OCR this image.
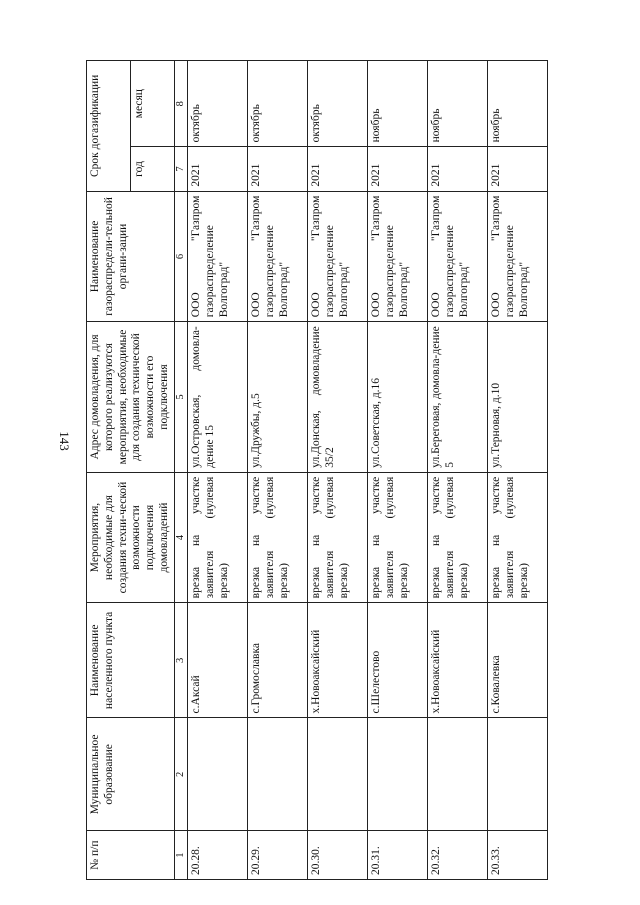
143
№ п/п	Муниципальное образование	Наименование населенного пункта	Мероприятия, необходимые для создания техни-ческой возможности подключения домовладений	Адрес домовладения, для которого реализуются мероприятия, необходимые для создания технической возможности его подключения	Наименование газораспредели-тельной органи-зации	Срок догазификации	
						год	месяц
1	2	3	4	5	6	7	8
20.28.		с.Аксай	врезка на участке заявителя (нулевая врезка)	ул.Островская, домовла-дение 15	ООО "Газпром газораспределение Волгоград"	2021	октябрь
20.29.		с.Громославка	врезка на участке заявителя (нулевая врезка)	ул.Дружбы, д.5	ООО "Газпром газораспределение Волгоград"	2021	октябрь
20.30.		х.Новоаксайский	врезка на участке заявителя (нулевая врезка)	ул.Донская, домовладение 35/2	ООО "Газпром газораспределение Волгоград"	2021	октябрь
20.31.		с.Шелестово	врезка на участке заявителя (нулевая врезка)	ул.Советская, д.16	ООО "Газпром газораспределение Волгоград"	2021	ноябрь
20.32.		х.Новоаксайский	врезка на участке заявителя (нулевая врезка)	ул.Береговая, домовла-дение 5	ООО "Газпром газораспределение Волгоград"	2021	ноябрь
20.33.		с.Ковалевка	врезка на участке заявителя (нулевая врезка)	ул.Терновая, д.10	ООО "Газпром газораспределение Волгоград"	2021	ноябрь
